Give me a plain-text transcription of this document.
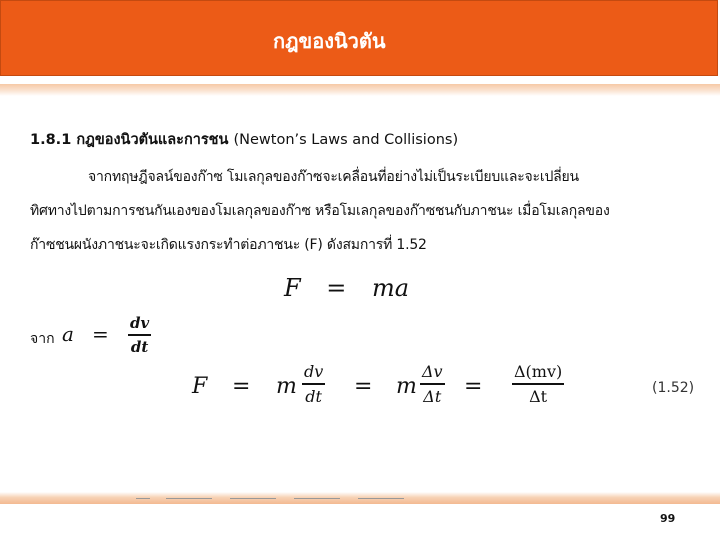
กฎของนิวตัน
1.8.1 กฎของนิวตันและการชน (Newton’s Laws and Collisions)
จากทฤษฎีจลน์ของก๊าซ โมเลกุลของก๊าซจะเคลื่อนที่อย่างไม่เป็นระเบียบและจะเปลี่ยน
ทิศทางไปตามการชนกันเองของโมเลกุลของก๊าซ หรือโมเลกุลของก๊าซชนกับภาชนะ เมื่อโมเลกุลของ
ก๊าซชนผนังภาชนะจะเกิดแรงกระทำต่อภาชนะ (F) ดังสมการที่ 1.52
F = ma
จาก a = dv
dt
F = m
dv
dt = m
Δv
Δt =
Δ(mv)
Δt	(1.52)
99
